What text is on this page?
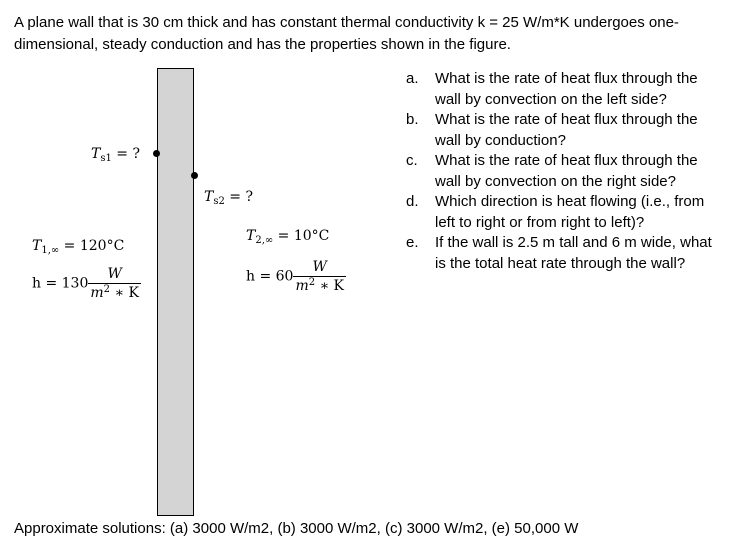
A plane wall that is 30 cm thick and has constant thermal conductivity k = 25 W/m*K undergoes one-dimensional, steady conduction and has the properties shown in the figure.

$T_{s1}$ = ?
$T_{1,\infty} = 120^\circ C$
$h = 130 \frac{W}{m^2 ∗ K}$
$T_{s2}$ = ?
$T_{2,\infty} = 10^\circ C$
$h = 60 \frac{W}{m^2 ∗ K}$
a. What is the rate of heat flux through the wall by convection on the left side?
b. What is the rate of heat flux through the wall by conduction?
c. What is the rate of heat flux through the wall by convection on the right side?
d. Which direction is heat flowing (i.e., from left to right or from right to left)?
e. If the wall is 2.5 m tall and 6 m wide, what is the total heat rate through the wall?

Approximate solutions: (a) 3000 W/m2, (b) 3000 W/m2, (c) 3000 W/m2, (e) 50,000 W
